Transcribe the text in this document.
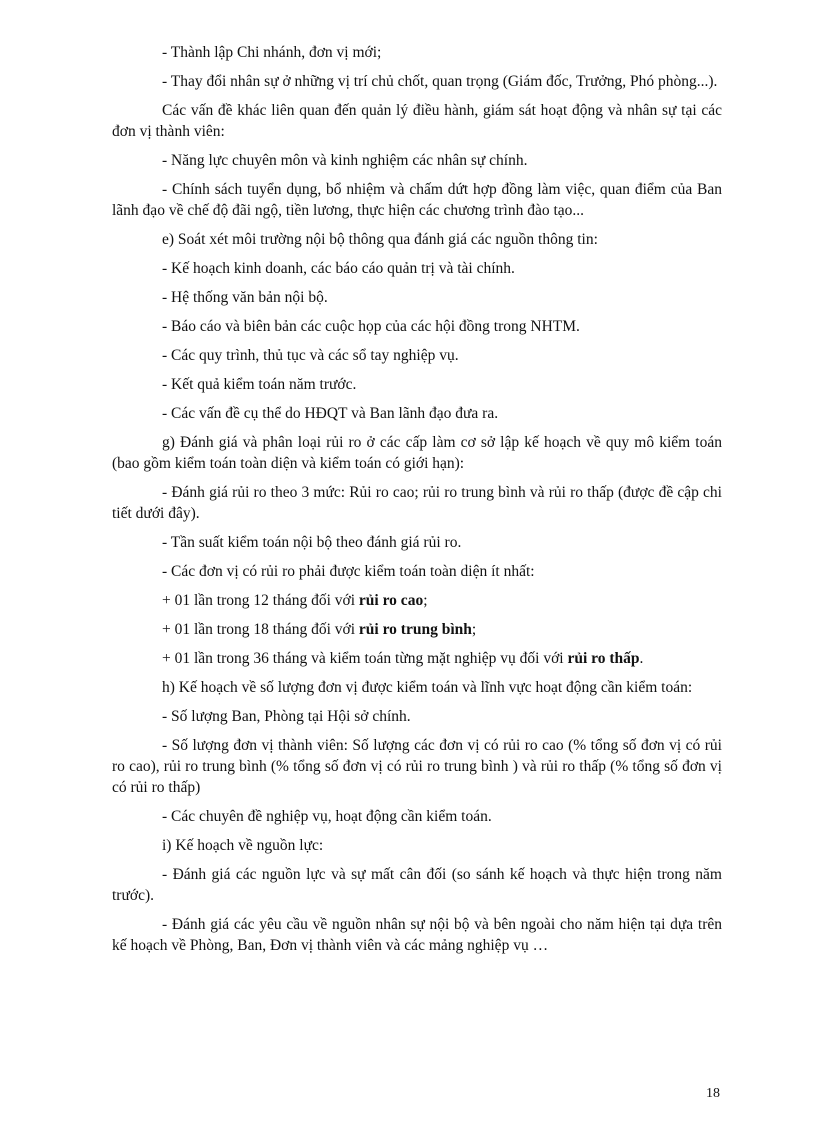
- Thành lập Chi nhánh, đơn vị mới;

- Thay đổi nhân sự ở những vị trí chủ chốt, quan trọng (Giám đốc, Trưởng, Phó phòng...).

Các vấn đề khác liên quan đến quản lý điều hành, giám sát hoạt động và nhân sự tại các đơn vị thành viên:

- Năng lực chuyên môn và kinh nghiệm các nhân sự chính.

- Chính sách tuyển dụng, bổ nhiệm và chấm dứt hợp đồng làm việc, quan điểm của Ban lãnh đạo về chế độ đãi ngộ, tiền lương, thực hiện các chương trình đào tạo...

e) Soát xét môi trường nội bộ thông qua đánh giá các nguồn thông tin:

- Kế hoạch kinh doanh, các báo cáo quản trị và tài chính.

- Hệ thống văn bản nội bộ.

- Báo cáo và biên bản các cuộc họp của các hội đồng trong NHTM.

- Các quy trình, thủ tục và các sổ tay nghiệp vụ.

- Kết quả kiểm toán năm trước.

- Các vấn đề cụ thể do HĐQT và Ban lãnh đạo đưa ra.

g) Đánh giá và phân loại rủi ro ở các cấp làm cơ sở lập kế hoạch về quy mô kiểm toán (bao gồm kiểm toán toàn diện và kiểm toán có giới hạn):

- Đánh giá rủi ro theo 3 mức: Rủi ro cao; rủi ro trung bình và rủi ro thấp (được đề cập chi tiết dưới đây).

- Tần suất kiểm toán nội bộ theo đánh giá rủi ro.

- Các đơn vị có rủi ro phải được kiểm toán toàn diện ít nhất:

+ 01 lần trong 12 tháng đối với rủi ro cao;

+ 01 lần trong 18 tháng đối với rủi ro trung bình;

+ 01 lần trong 36 tháng và kiểm toán từng mặt nghiệp vụ đối với rủi ro thấp.

h) Kế hoạch về số lượng đơn vị được kiểm toán và lĩnh vực hoạt động cần kiểm toán:

- Số lượng Ban, Phòng tại Hội sở chính.

- Số lượng đơn vị thành viên: Số lượng các đơn vị có rủi ro cao (% tổng số đơn vị có rủi ro cao), rủi ro trung bình (% tổng số đơn vị có rủi ro trung bình ) và rủi ro thấp (% tổng số đơn vị có rủi ro thấp)

- Các chuyên đề nghiệp vụ, hoạt động cần kiểm toán.

i) Kế hoạch về nguồn lực:

- Đánh giá các nguồn lực và sự mất cân đối (so sánh kế hoạch và thực hiện trong năm trước).

- Đánh giá các yêu cầu về nguồn nhân sự nội bộ và bên ngoài cho năm hiện tại dựa trên kế hoạch về Phòng, Ban, Đơn vị thành viên và các mảng nghiệp vụ …

18
